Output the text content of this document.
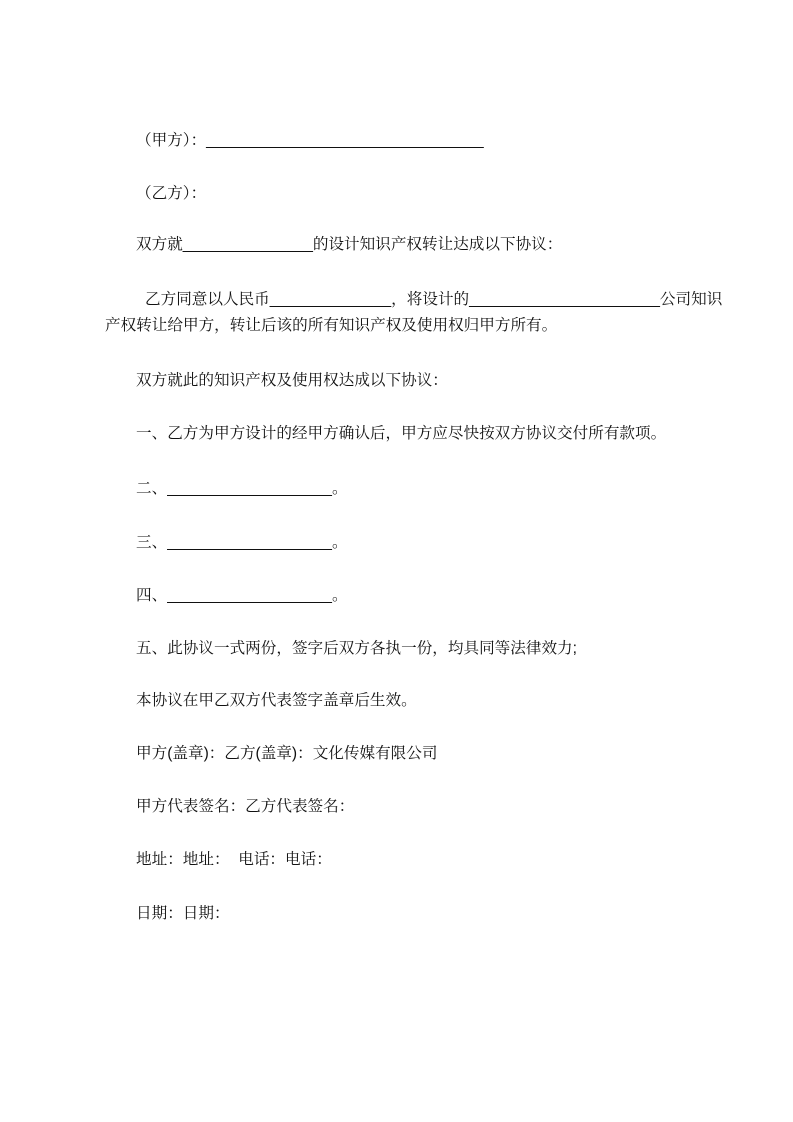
（甲方）：________________________________
（乙方）：
双方就_______________的设计知识产权转让达成以下协议：
乙方同意以人民币______________，将设计的______________________公司知识
产权转让给甲方，转让后该的所有知识产权及使用权归甲方所有。
双方就此的知识产权及使用权达成以下协议：
一、乙方为甲方设计的经甲方确认后，甲方应尽快按双方协议交付所有款项。
二、___________________。
三、___________________。
四、___________________。
五、此协议一式两份，签字后双方各执一份，均具同等法律效力;
本协议在甲乙双方代表签字盖章后生效。
甲方(盖章)：乙方(盖章)：文化传媒有限公司
甲方代表签名：乙方代表签名：
地址：地址：  电话：电话：
日期：日期：
